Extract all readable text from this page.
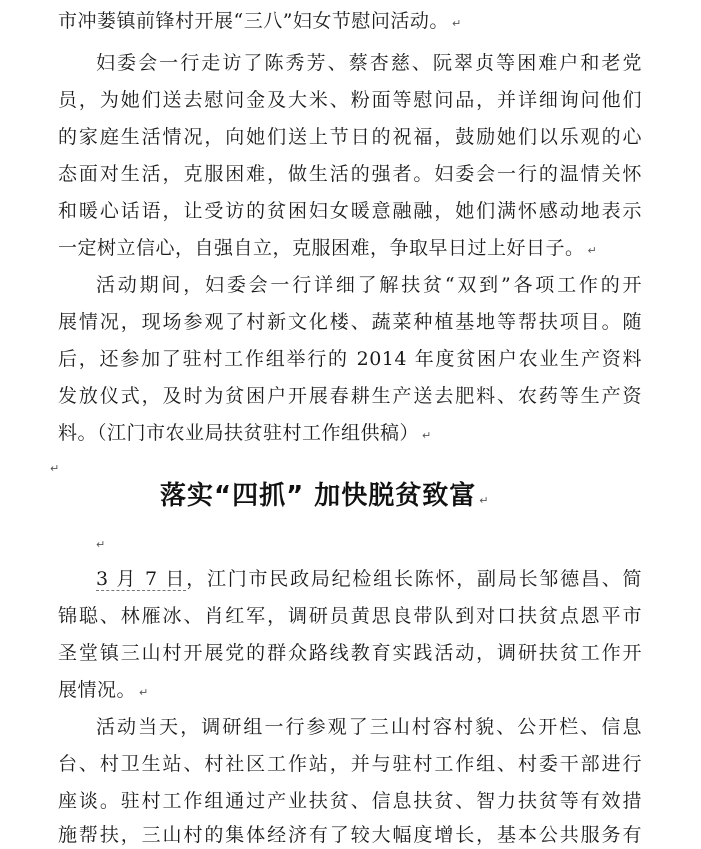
市冲蒌镇前锋村开展“三八”妇女节慰问活动。 ↵
妇委会一行走访了陈秀芳、蔡杏慈、阮翠贞等困难户和老党
员，为她们送去慰问金及大米、粉面等慰问品，并详细询问他们
的家庭生活情况，向她们送上节日的祝福，鼓励她们以乐观的心
态面对生活，克服困难，做生活的强者。妇委会一行的温情关怀
和暖心话语，让受访的贫困妇女暖意融融，她们满怀感动地表示
一定树立信心，自强自立，克服困难，争取早日过上好日子。 ↵
活动期间，妇委会一行详细了解扶贫“双到”各项工作的开
展情况，现场参观了村新文化楼、蔬菜种植基地等帮扶项目。随
后，还参加了驻村工作组举行的 2014 年度贫困户农业生产资料
发放仪式，及时为贫困户开展春耕生产送去肥料、农药等生产资
料。（江门市农业局扶贫驻村工作组供稿） ↵
↵
落实“四抓” 加快脱贫致富 ↵
↵
3 月 7 日，江门市民政局纪检组长陈怀，副局长邹德昌、简
锦聪、林雁冰、肖红军，调研员黄思良带队到对口扶贫点恩平市
圣堂镇三山村开展党的群众路线教育实践活动，调研扶贫工作开
展情况。 ↵
活动当天，调研组一行参观了三山村容村貌、公开栏、信息
台、村卫生站、村社区工作站，并与驻村工作组、村委干部进行
座谈。驻村工作组通过产业扶贫、信息扶贫、智力扶贫等有效措
施帮扶，三山村的集体经济有了较大幅度增长，基本公共服务有
